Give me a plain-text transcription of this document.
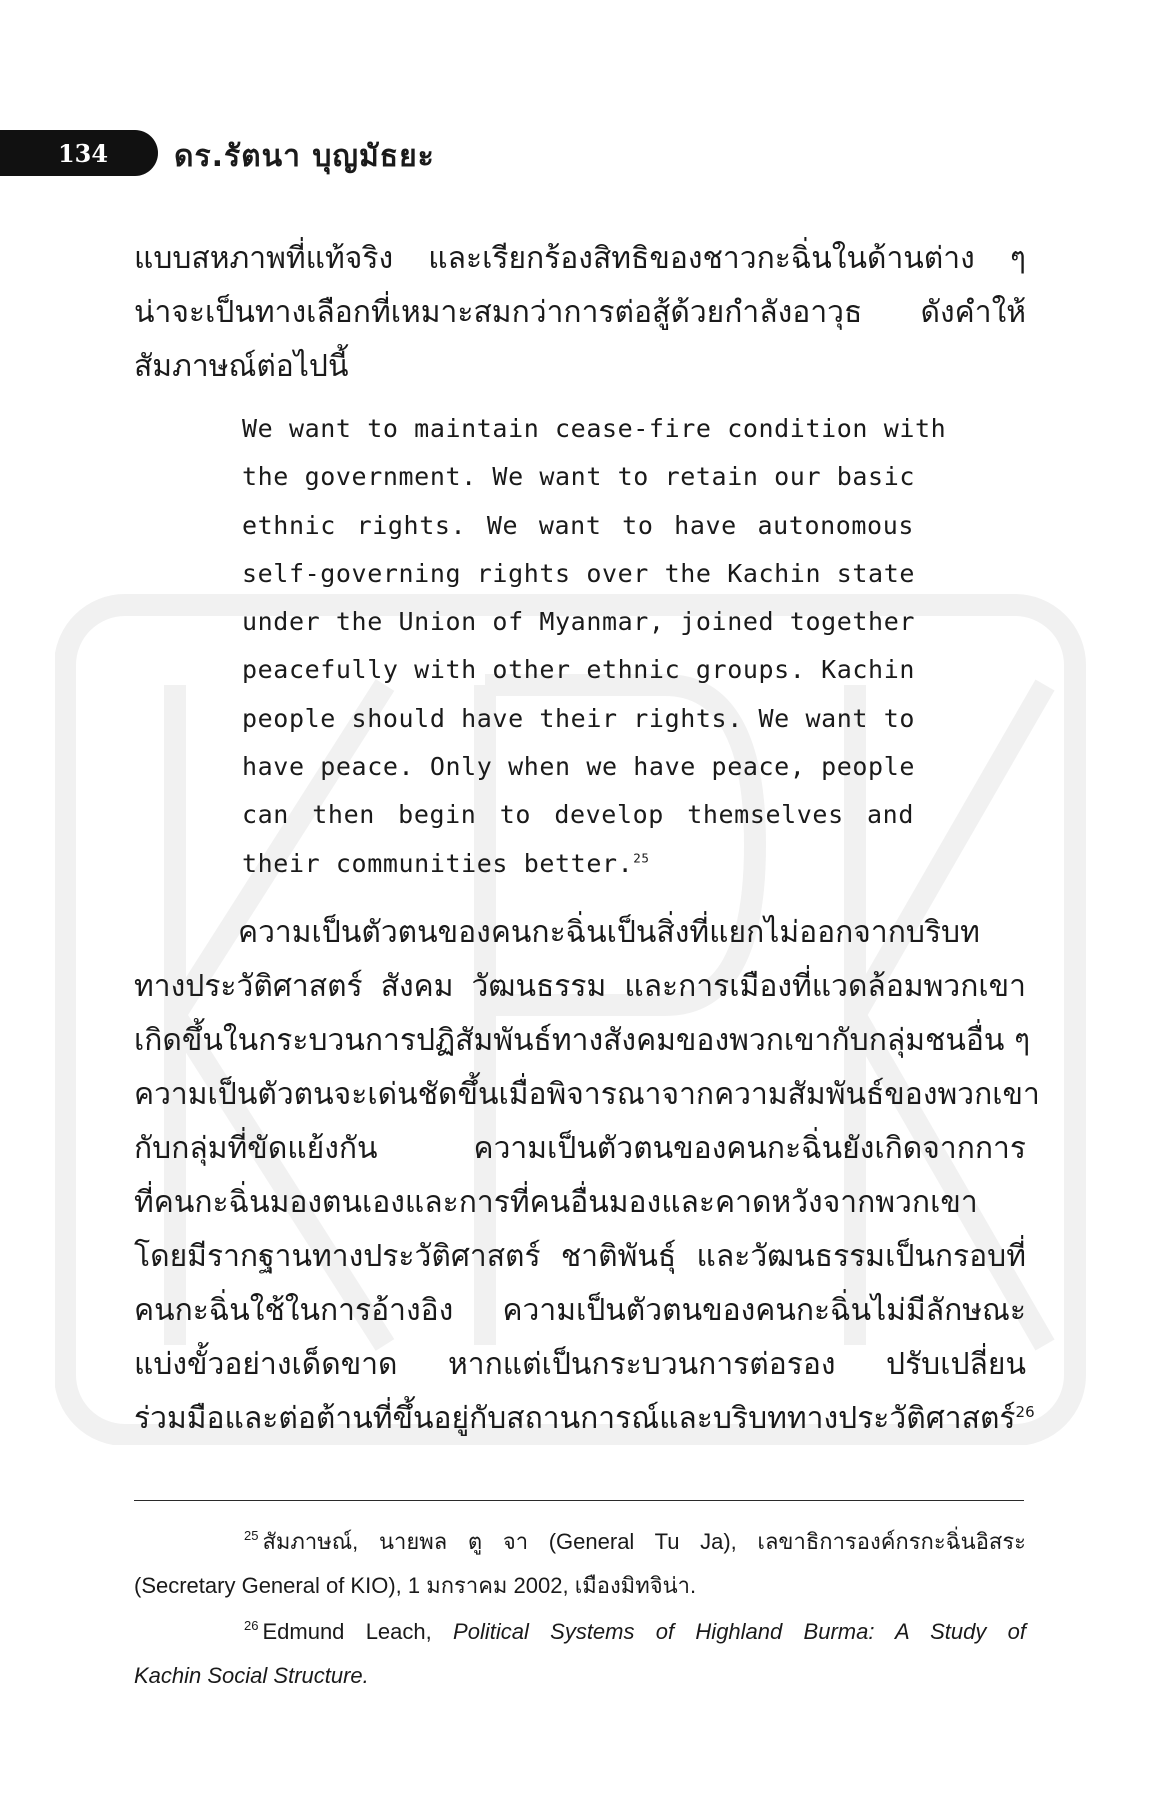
134 ดร.รัตนา บุญมัธยะ
แบบสหภาพที่แท้จริง และเรียกร้องสิทธิของชาวกะฉิ่นในด้านต่าง ๆ
น่าจะเป็นทางเลือกที่เหมาะสมกว่าการต่อสู้ด้วยกำลังอาวุธ ดังคำให้
สัมภาษณ์ต่อไปนี้
We want to maintain cease-fire condition with
the government. We want to retain our basic
ethnic rights. We want to have autonomous
self-governing rights over the Kachin state
under the Union of Myanmar, joined together
peacefully with other ethnic groups. Kachin
people should have their rights. We want to
have peace. Only when we have peace, people
can then begin to develop themselves and
their communities better.$^{25}$
ความเป็นตัวตนของคนกะฉิ่นเป็นสิ่งที่แยกไม่ออกจากบริบท
ทางประวัติศาสตร์ สังคม วัฒนธรรม และการเมืองที่แวดล้อมพวกเขา
เกิดขึ้นในกระบวนการปฏิสัมพันธ์ทางสังคมของพวกเขากับกลุ่มชนอื่น ๆ
ความเป็นตัวตนจะเด่นชัดขึ้นเมื่อพิจารณาจากความสัมพันธ์ของพวกเขา
กับกลุ่มที่ขัดแย้งกัน ความเป็นตัวตนของคนกะฉิ่นยังเกิดจากการ
ที่คนกะฉิ่นมองตนเองและการที่คนอื่นมองและคาดหวังจากพวกเขา
โดยมีรากฐานทางประวัติศาสตร์ ชาติพันธุ์ และวัฒนธรรมเป็นกรอบที่
คนกะฉิ่นใช้ในการอ้างอิง ความเป็นตัวตนของคนกะฉิ่นไม่มีลักษณะ
แบ่งขั้วอย่างเด็ดขาด หากแต่เป็นกระบวนการต่อรอง ปรับเปลี่ยน
ร่วมมือและต่อต้านที่ขึ้นอยู่กับสถานการณ์และบริบททางประวัติศาสตร์$^{26}$
$^{25}$ สัมภาษณ์, นายพล ตู จา (General Tu Ja), เลขาธิการองค์กรกะฉิ่นอิสระ
(Secretary General of KIO), 1 มกราคม 2002, เมืองมิทจิน่า.
$^{26}$ Edmund Leach, Political Systems of Highland Burma: A Study of
Kachin Social Structure.
